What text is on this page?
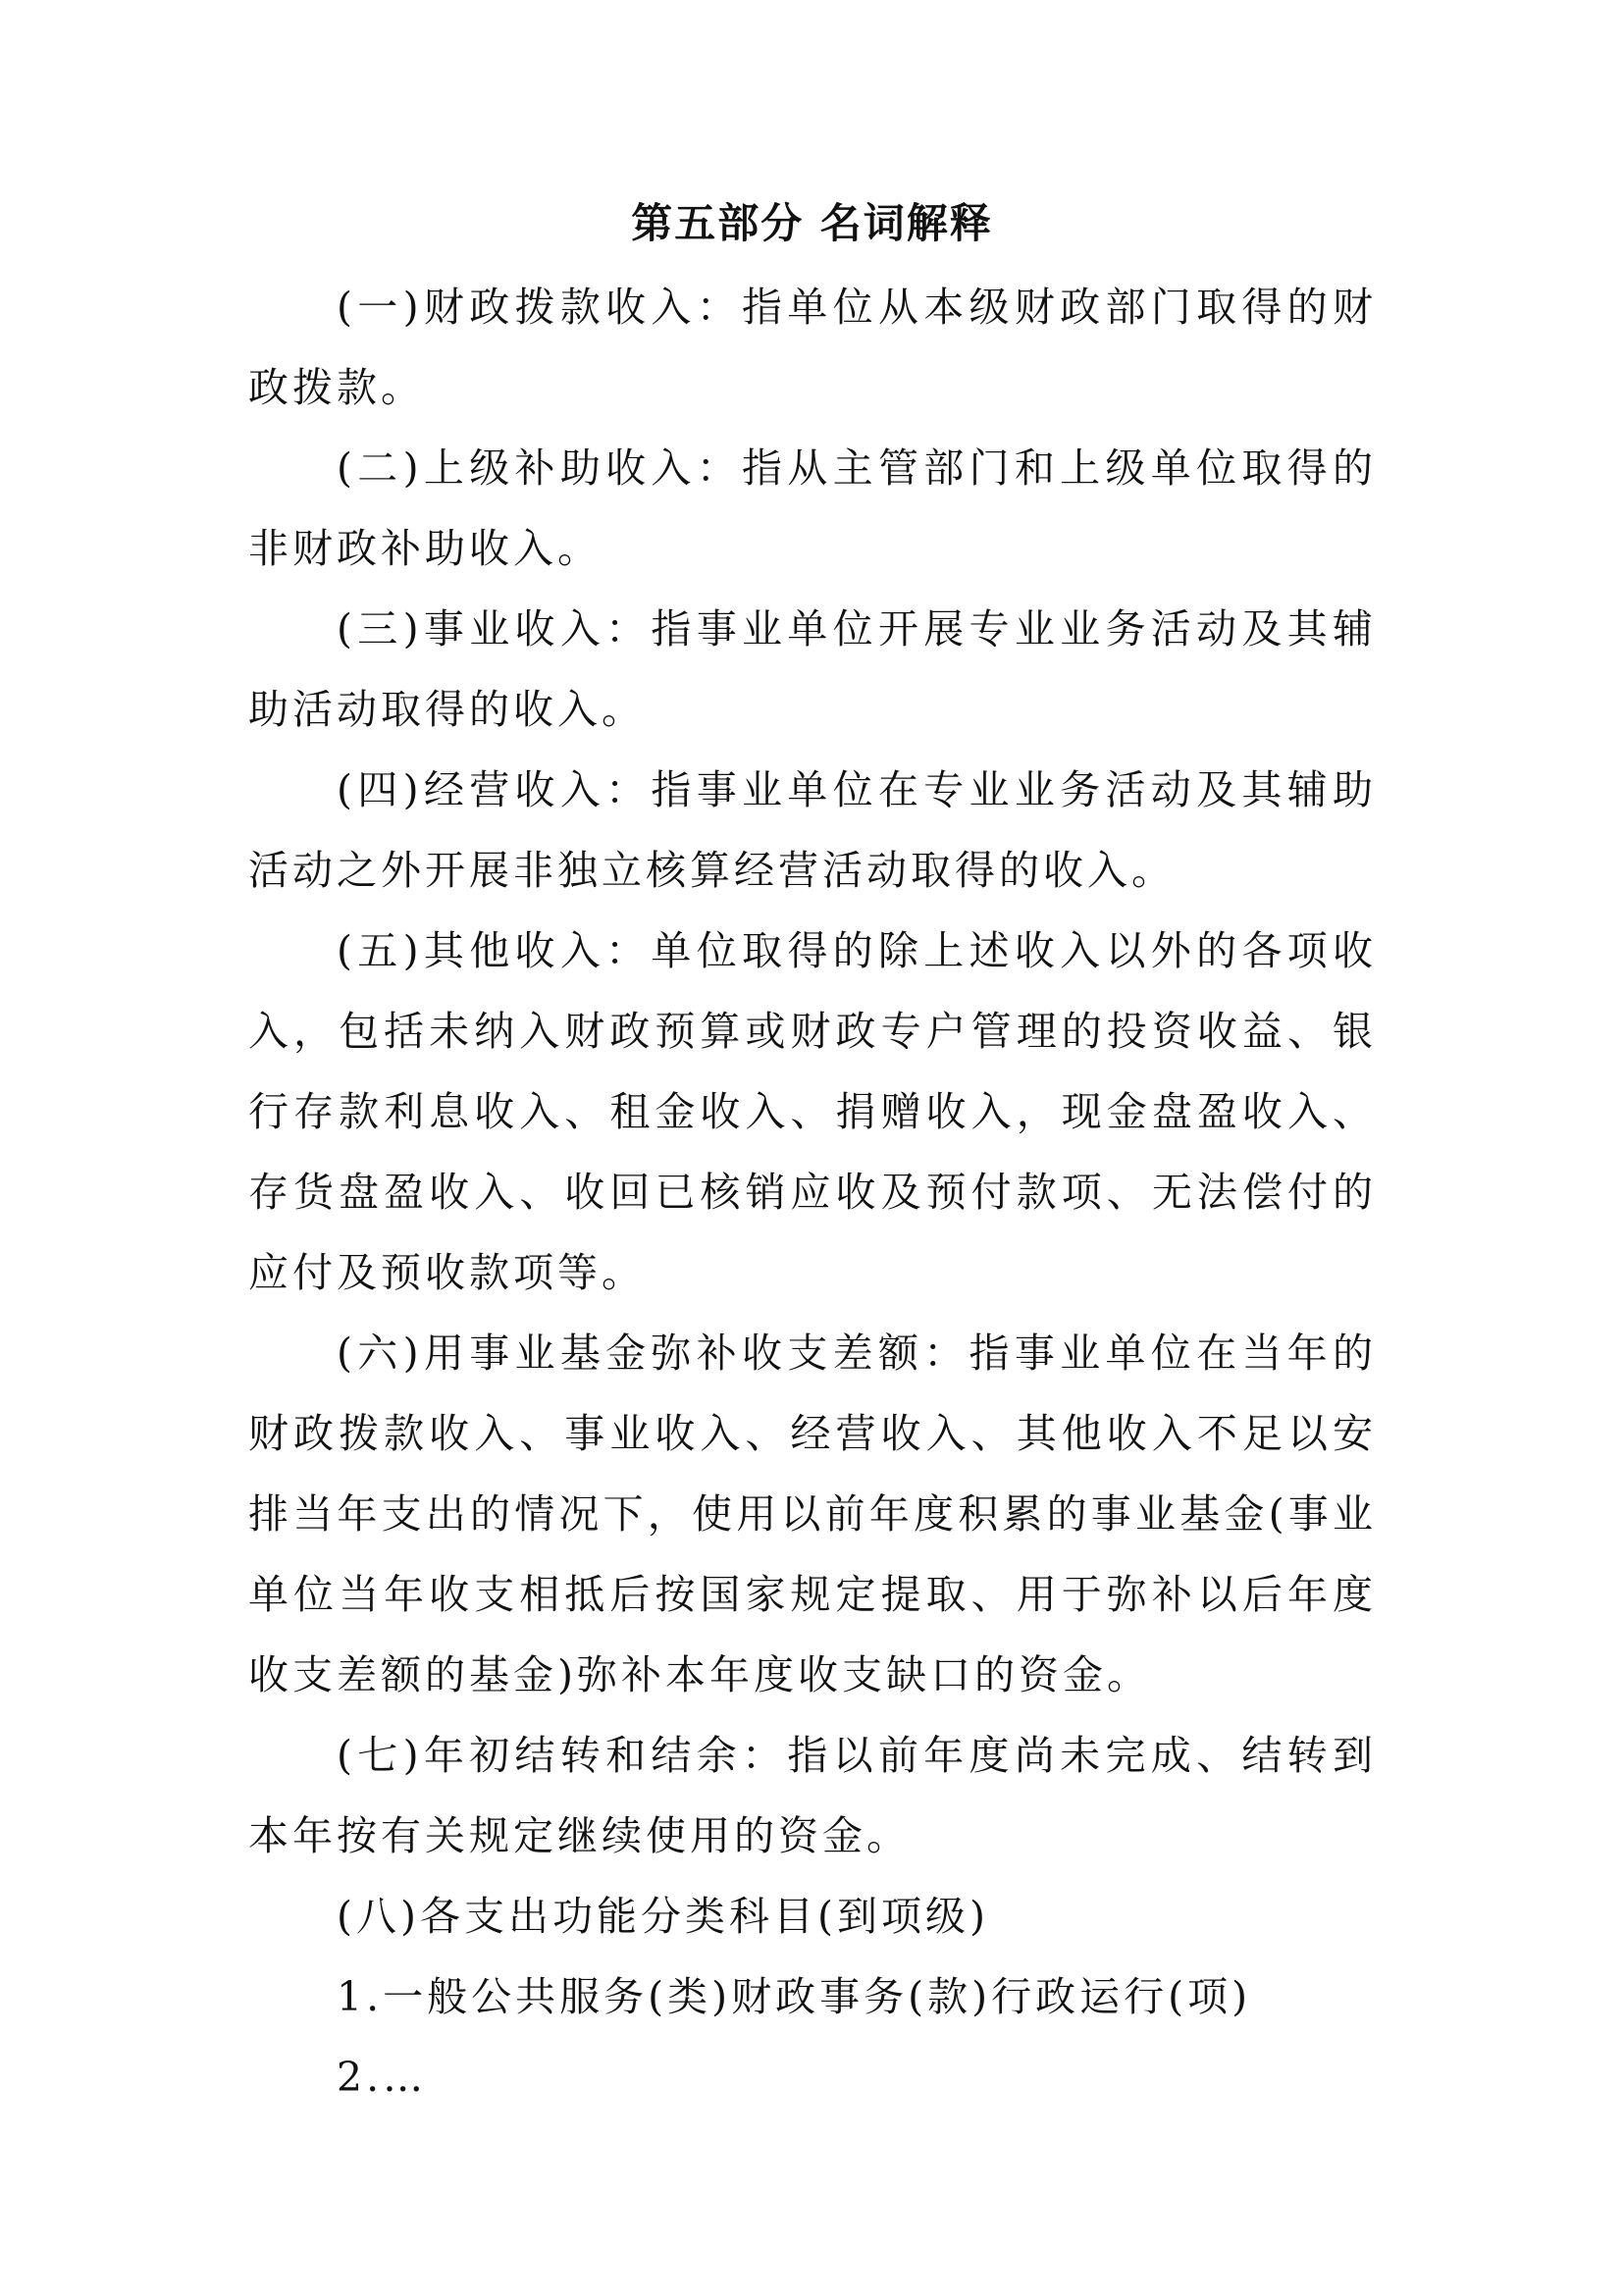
第五部分 名词解释

(一)财政拨款收入：指单位从本级财政部门取得的财政拨款。

(二)上级补助收入：指从主管部门和上级单位取得的非财政补助收入。

(三)事业收入：指事业单位开展专业业务活动及其辅助活动取得的收入。

(四)经营收入：指事业单位在专业业务活动及其辅助活动之外开展非独立核算经营活动取得的收入。

(五)其他收入：单位取得的除上述收入以外的各项收入，包括未纳入财政预算或财政专户管理的投资收益、银行存款利息收入、租金收入、捐赠收入，现金盘盈收入、存货盘盈收入、收回已核销应收及预付款项、无法偿付的应付及预收款项等。

(六)用事业基金弥补收支差额：指事业单位在当年的财政拨款收入、事业收入、经营收入、其他收入不足以安排当年支出的情况下，使用以前年度积累的事业基金(事业单位当年收支相抵后按国家规定提取、用于弥补以后年度收支差额的基金)弥补本年度收支缺口的资金。

(七)年初结转和结余：指以前年度尚未完成、结转到本年按有关规定继续使用的资金。

(八)各支出功能分类科目(到项级)

1.一般公共服务(类)财政事务(款)行政运行(项)

2.…
